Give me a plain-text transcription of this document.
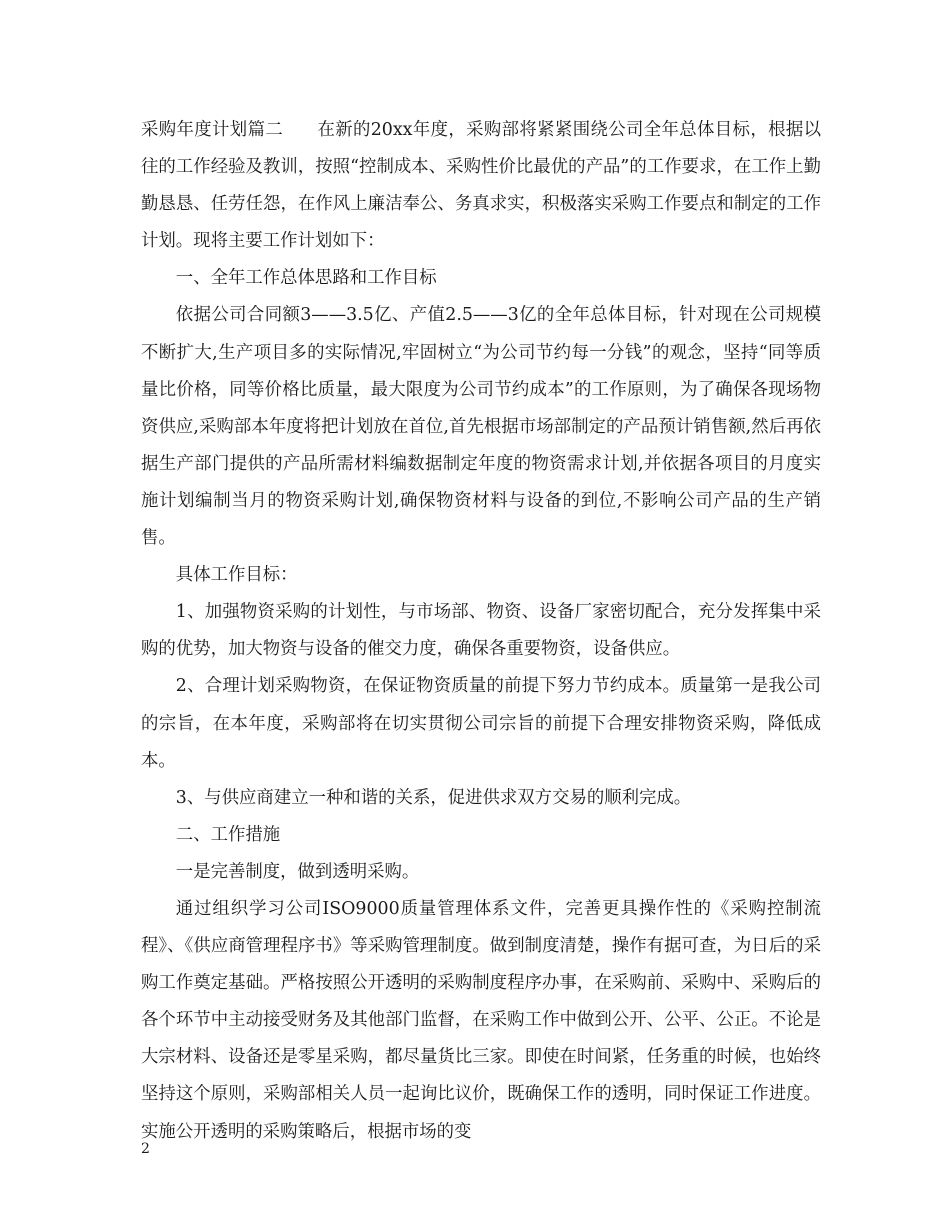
采购年度计划篇二 在新的20xx年度，采购部将紧紧围绕公司全年总体目标，根据以往的工作经验及教训，按照“控制成本、采购性价比最优的产品”的工作要求，在工作上勤勤恳恳、任劳任怨，在作风上廉洁奉公、务真求实，积极落实采购工作要点和制定的工作计划。现将主要工作计划如下：

一、全年工作总体思路和工作目标

依据公司合同额3——3.5亿、产值2.5——3亿的全年总体目标，针对现在公司规模不断扩大,生产项目多的实际情况,牢固树立“为公司节约每一分钱”的观念，坚持“同等质量比价格，同等价格比质量，最大限度为公司节约成本”的工作原则，为了确保各现场物资供应,采购部本年度将把计划放在首位,首先根据市场部制定的产品预计销售额,然后再依据生产部门提供的产品所需材料编数据制定年度的物资需求计划,并依据各项目的月度实施计划编制当月的物资采购计划,确保物资材料与设备的到位,不影响公司产品的生产销售。

具体工作目标：

1、加强物资采购的计划性，与市场部、物资、设备厂家密切配合，充分发挥集中采购的优势，加大物资与设备的催交力度，确保各重要物资，设备供应。

2、合理计划采购物资，在保证物资质量的前提下努力节约成本。质量第一是我公司的宗旨，在本年度，采购部将在切实贯彻公司宗旨的前提下合理安排物资采购，降低成本。

3、与供应商建立一种和谐的关系，促进供求双方交易的顺利完成。

二、工作措施

一是完善制度，做到透明采购。

通过组织学习公司ISO9000质量管理体系文件，完善更具操作性的《采购控制流程》、《供应商管理程序书》等采购管理制度。做到制度清楚，操作有据可查，为日后的采购工作奠定基础。严格按照公开透明的采购制度程序办事，在采购前、采购中、采购后的各个环节中主动接受财务及其他部门监督，在采购工作中做到公开、公平、公正。不论是大宗材料、设备还是零星采购，都尽量货比三家。即使在时间紧，任务重的时候，也始终坚持这个原则，采购部相关人员一起询比议价，既确保工作的透明，同时保证工作进度。实施公开透明的采购策略后，根据市场的变

2
